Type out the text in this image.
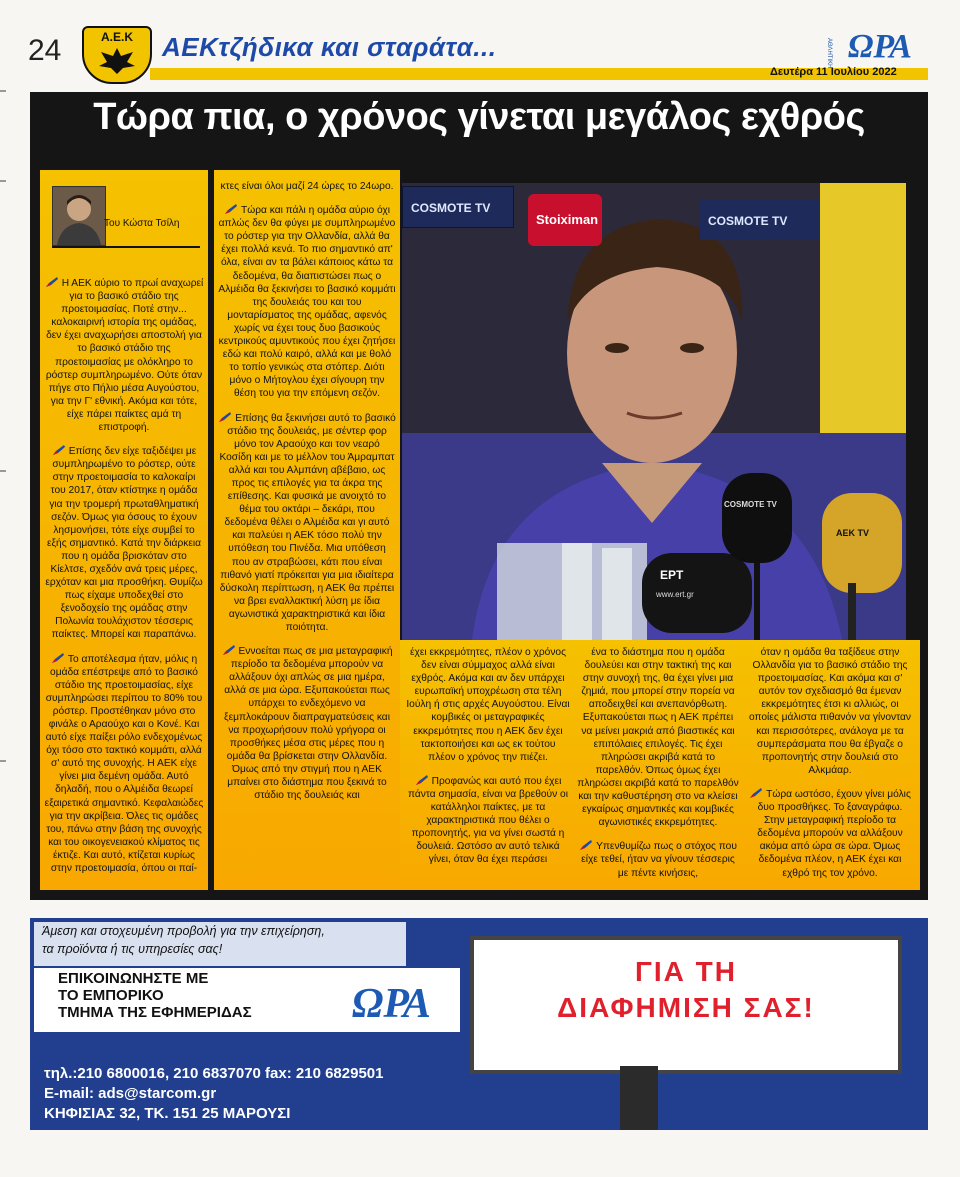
24	Α.Ε.Κ	ΑΕΚτζήδικα και σταράτα...	ΑΘΛΗΤΙΚΗ ΩΡΑ
Δευτέρα 11 Ιουλίου 2022
Τώρα πια, ο χρόνος γίνεται μεγάλος εχθρός

Η ΑΕΚ αύριο το πρωί αναχωρεί για το βασικό στάδιο της προετοιμασίας. Ποτέ στην... καλοκαιρινή ιστορία της ομάδας, δεν έχει αναχωρήσει αποστολή για το βασικό στάδιο της προετοιμασίας με ολόκληρο το ρόστερ συμπληρωμένο. Ούτε όταν πήγε στο Πήλιο μέσα Αυγούστου, για την Γ' εθνική. Ακόμα και τότε, είχε πάρει παίκτες αμά τη επιστροφή.

Επίσης δεν είχε ταξιδέψει με συμπληρωμένο το ρόστερ, ούτε στην προετοιμασία το καλοκαίρι του 2017, όταν κτίστηκε η ομάδα για την τρομερή πρωταθληματική σεζόν. Όμως για όσους το έχουν λησμονήσει, τότε είχε συμβεί το εξής σημαντικό. Κατά την διάρκεια που η ομάδα βρισκόταν στο Κίελτσε, σχεδόν ανά τρεις μέρες, ερχόταν και μια προσθήκη. Θυμίζω πως είχαμε υποδεχθεί στο ξενοδοχείο της ομάδας στην Πολωνία τουλάχιστον τέσσερις παίκτες. Μπορεί και παραπάνω.

Το αποτέλεσμα ήταν, μόλις η ομάδα επέστρεψε από το βασικό στάδιο της προετοιμασίας, είχε συμπληρώσει περίπου το 80% του ρόστερ. Προστέθηκαν μόνο στο φινάλε ο Αραούχο και ο Κονέ. Και αυτό είχε παίξει ρόλο ενδεχομένως όχι τόσο στο τακτικό κομμάτι, αλλά σ' αυτό της συνοχής. Η ΑΕΚ είχε γίνει μια δεμένη ομάδα. Αυτό δηλαδή, που ο Αλμέιδα θεωρεί εξαιρετικά σημαντικό. Κεφαλαιώδες για την ακρίβεια. Όλες τις ομάδες του, πάνω στην βάση της συνοχής και του οικογενειακού κλίματος τις έκτιζε. Και αυτό, κτίζεται κυρίως στην προετοιμασία, όπου οι παί-

Του Κώστα Τσίλη

κτες είναι όλοι μαζί 24 ώρες το 24ωρο.

Τώρα και πάλι η ομάδα αύριο όχι απλώς δεν θα φύγει με συμπληρωμένο το ρόστερ για την Ολλανδία, αλλά θα έχει πολλά κενά. Το πιο σημαντικό απ' όλα, είναι αν τα βάλει κάποιος κάτω τα δεδομένα, θα διαπιστώσει πως ο Αλμέιδα θα ξεκινήσει το βασικό κομμάτι της δουλειάς του και του μονταρίσματος της ομάδας, αφενός χωρίς να έχει τους δυο βασικούς κεντρικούς αμυντικούς που έχει ζητήσει εδώ και πολύ καιρό, αλλά και με θολό το τοπίο γενικώς στα στόπερ. Διότι μόνο ο Μήτογλου έχει σίγουρη την θέση του για την επόμενη σεζόν.

Επίσης θα ξεκινήσει αυτό το βασικό στάδιο της δουλειάς, με σέντερ φορ μόνο τον Αραούχο και τον νεαρό Κοσίδη και με το μέλλον του Άμραμπατ αλλά και του Αλμπάνη αβέβαιο, ως προς τις επιλογές για τα άκρα της επίθεσης. Και φυσικά με ανοιχτό το θέμα του οκτάρι – δεκάρι, που δεδομένα θέλει ο Αλμέιδα και γι αυτό και παλεύει η ΑΕΚ τόσο πολύ την υπόθεση του Πινέδα. Μια υπόθεση που αν στραβώσει, κάτι που είναι πιθανό γιατί πρόκειται για μια ιδιαίτερα δύσκολη περίπτωση, η ΑΕΚ θα πρέπει να βρει εναλλακτική λύση με ίδια αγωνιστικά χαρακτηριστικά και ίδια ποιότητα.

Εννοείται πως σε μια μεταγραφική περίοδο τα δεδομένα μπορούν να αλλάξουν όχι απλώς σε μια ημέρα, αλλά σε μια ώρα. Εξυπακούεται πως υπάρχει το ενδεχόμενο να ξεμπλοκάρουν διαπραγματεύσεις και να προχωρήσουν πολύ γρήγορα οι προσθήκες μέσα στις μέρες που η ομάδα θα βρίσκεται στην Ολλανδία. Όμως από την στιγμή που η ΑΕΚ μπαίνει στο διάστημα που ξεκινά το στάδιο της δουλειάς και

COSMOTE TV
Stoiximan	COSMOTE TV
ΕΡΤ
www.ert.gr
COSMOTE TV
ΑΕΚ TV

έχει εκκρεμότητες, πλέον ο χρόνος δεν είναι σύμμαχος αλλά είναι εχθρός. Ακόμα και αν δεν υπάρχει ευρωπαϊκή υποχρέωση στα τέλη Ιούλη ή στις αρχές Αυγούστου. Είναι κομβικές οι μεταγραφικές εκκρεμότητες που η ΑΕΚ δεν έχει τακτοποιήσει και ως εκ τούτου πλέον ο χρόνος την πιέζει.

Προφανώς και αυτό που έχει πάντα σημασία, είναι να βρεθούν οι κατάλληλοι παίκτες, με τα χαρακτηριστικά που θέλει ο προπονητής, για να γίνει σωστά η δουλειά. Ωστόσο αν αυτό τελικά γίνει, όταν θα έχει περάσει

ένα το διάστημα που η ομάδα δουλεύει και στην τακτική της και στην συνοχή της, θα έχει γίνει μια ζημιά, που μπορεί στην πορεία να αποδειχθεί και ανεπανόρθωτη. Εξυπακούεται πως η ΑΕΚ πρέπει να μείνει μακριά από βιαστικές και επιπόλαιες επιλογές. Τις έχει πληρώσει ακριβά κατά το παρελθόν. Όπως όμως έχει πληρώσει ακριβά κατά το παρελθόν και την καθυστέρηση στο να κλείσει εγκαίρως σημαντικές και κομβικές αγωνιστικές εκκρεμότητες.

Υπενθυμίζω πως ο στόχος που είχε τεθεί, ήταν να γίνουν τέσσερις με πέντε κινήσεις,

όταν η ομάδα θα ταξίδευε στην Ολλανδία για το βασικό στάδιο της προετοιμασίας. Και ακόμα και σ' αυτόν τον σχεδιασμό θα έμεναν εκκρεμότητες έτσι κι αλλιώς, οι οποίες μάλιστα πιθανόν να γίνονταν και περισσότερες, ανάλογα με τα συμπεράσματα που θα έβγαζε ο προπονητής στην δουλειά στο Αλκμάαρ.

Τώρα ωστόσο, έχουν γίνει μόλις δυο προσθήκες. Το ξαναγράφω. Στην μεταγραφική περίοδο τα δεδομένα μπορούν να αλλάξουν ακόμα από ώρα σε ώρα. Όμως δεδομένα πλέον, η ΑΕΚ έχει και εχθρό της τον χρόνο.

Άμεση και στοχευμένη προβολή για την επιχείρηση,
τα προϊόντα ή τις υπηρεσίες σας!
ΕΠΙΚΟΙΝΩΝΗΣΤΕ ΜΕ
ΤΟ ΕΜΠΟΡΙΚΟ
ΤΜΗΜΑ ΤΗΣ ΕΦΗΜΕΡΙΔΑΣ ΩΡΑ
ΓΙΑ ΤΗ
ΔΙΑΦΗΜΙΣΗ ΣΑΣ!
τηλ.:210 6800016, 210 6837070 fax: 210 6829501
E-mail: ads@starcom.gr
ΚΗΦΙΣΙΑΣ 32, ΤΚ. 151 25 ΜΑΡΟΥΣΙ
